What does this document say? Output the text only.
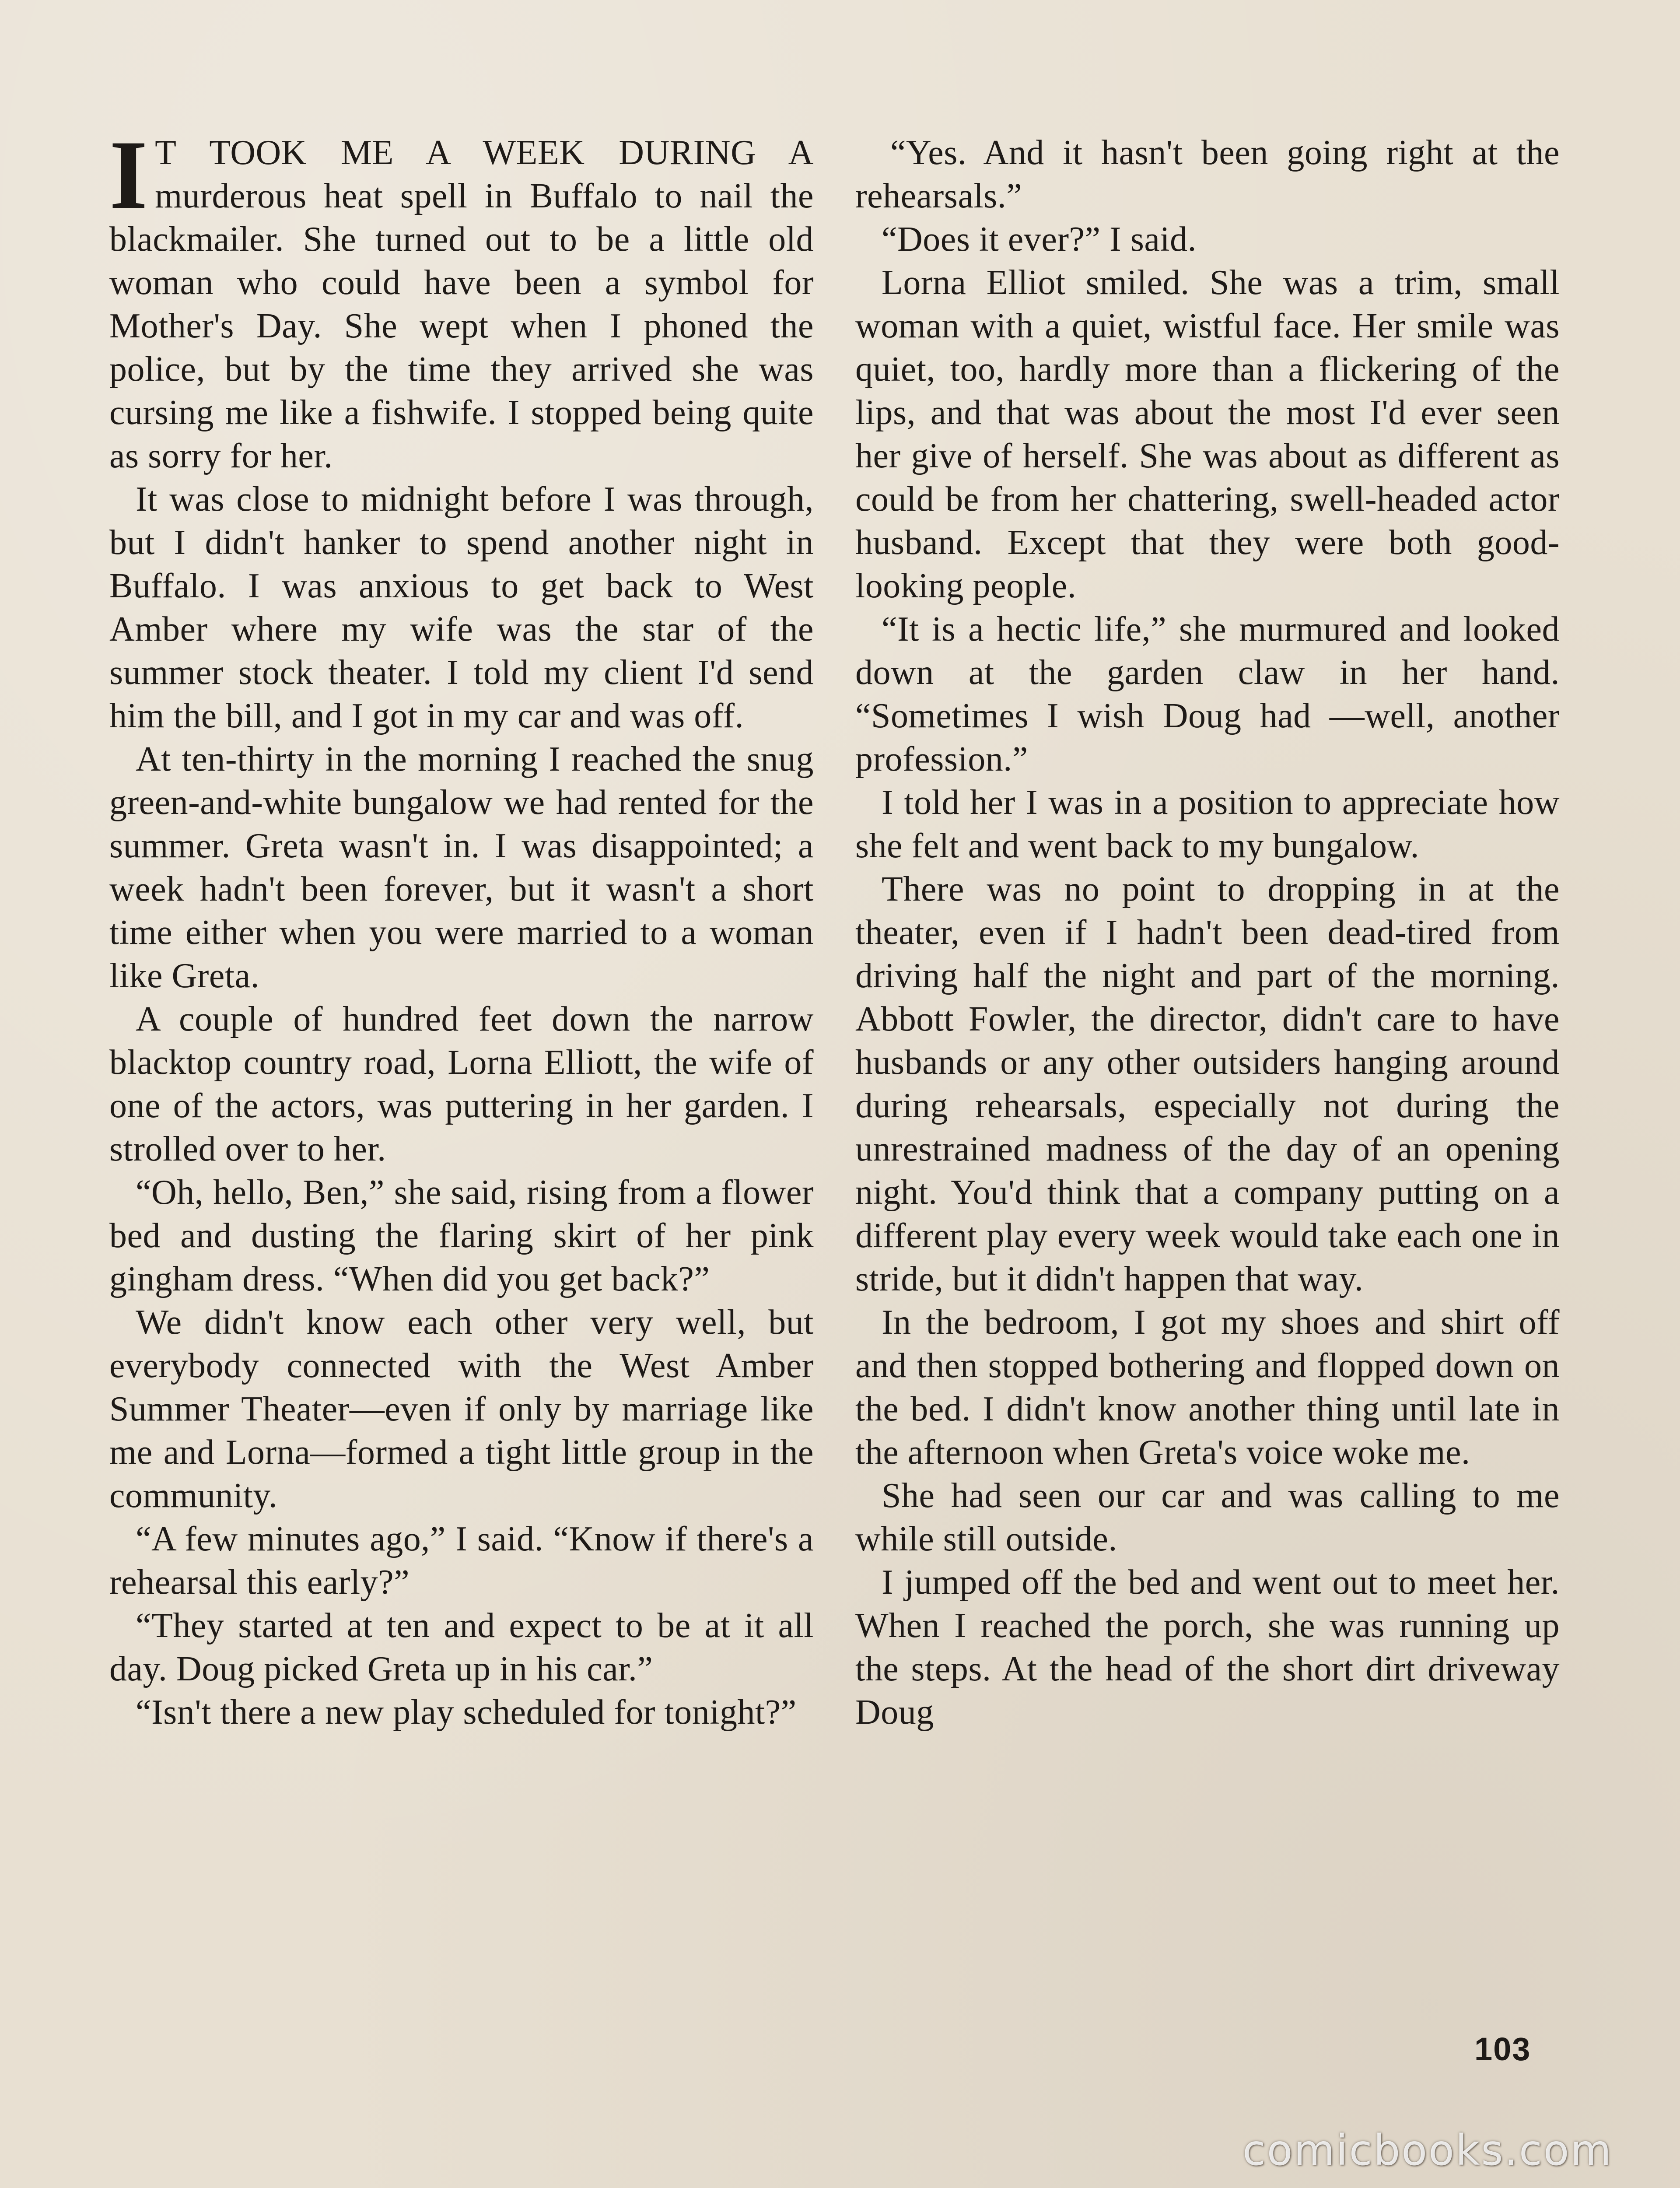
I T TOOK ME A WEEK DURING A murderous heat spell in Buffalo to nail the blackmailer. She turned out to be a little old woman who could have been a symbol for Mother's Day. She wept when I phoned the police, but by the time they arrived she was cursing me like a fishwife. I stopped being quite as sorry for her.

It was close to midnight before I was through, but I didn't hanker to spend another night in Buffalo. I was anxious to get back to West Amber where my wife was the star of the summer stock theater. I told my client I'd send him the bill, and I got in my car and was off.

At ten-thirty in the morning I reached the snug green-and-white bungalow we had rented for the summer. Greta wasn't in. I was disappointed; a week hadn't been forever, but it wasn't a short time either when you were married to a woman like Greta.

A couple of hundred feet down the narrow blacktop country road, Lorna Elliott, the wife of one of the actors, was puttering in her garden. I strolled over to her.

“Oh, hello, Ben,” she said, rising from a flower bed and dusting the flaring skirt of her pink gingham dress. “When did you get back?”

We didn't know each other very well, but everybody connected with the West Amber Summer Theater—even if only by marriage like me and Lorna—formed a tight little group in the community.

“A few minutes ago,” I said. “Know if there's a rehearsal this early?”

“They started at ten and expect to be at it all day. Doug picked Greta up in his car.”

“Isn't there a new play scheduled for tonight?”

“Yes. And it hasn't been going right at the rehearsals.”

“Does it ever?” I said.

Lorna Elliot smiled. She was a trim, small woman with a quiet, wistful face. Her smile was quiet, too, hardly more than a flickering of the lips, and that was about the most I'd ever seen her give of herself. She was about as different as could be from her chattering, swell-headed actor husband. Except that they were both good-looking people.

“It is a hectic life,” she murmured and looked down at the garden claw in her hand. “Sometimes I wish Doug had —well, another profession.”

I told her I was in a position to appreciate how she felt and went back to my bungalow.

There was no point to dropping in at the theater, even if I hadn't been dead-tired from driving half the night and part of the morning. Abbott Fowler, the director, didn't care to have husbands or any other outsiders hanging around during rehearsals, especially not during the unrestrained madness of the day of an opening night. You'd think that a company putting on a different play every week would take each one in stride, but it didn't happen that way.

In the bedroom, I got my shoes and shirt off and then stopped bothering and flopped down on the bed. I didn't know another thing until late in the afternoon when Greta's voice woke me.

She had seen our car and was calling to me while still outside.

I jumped off the bed and went out to meet her. When I reached the porch, she was running up the steps. At the head of the short dirt driveway Doug

103
comicbooks.com
